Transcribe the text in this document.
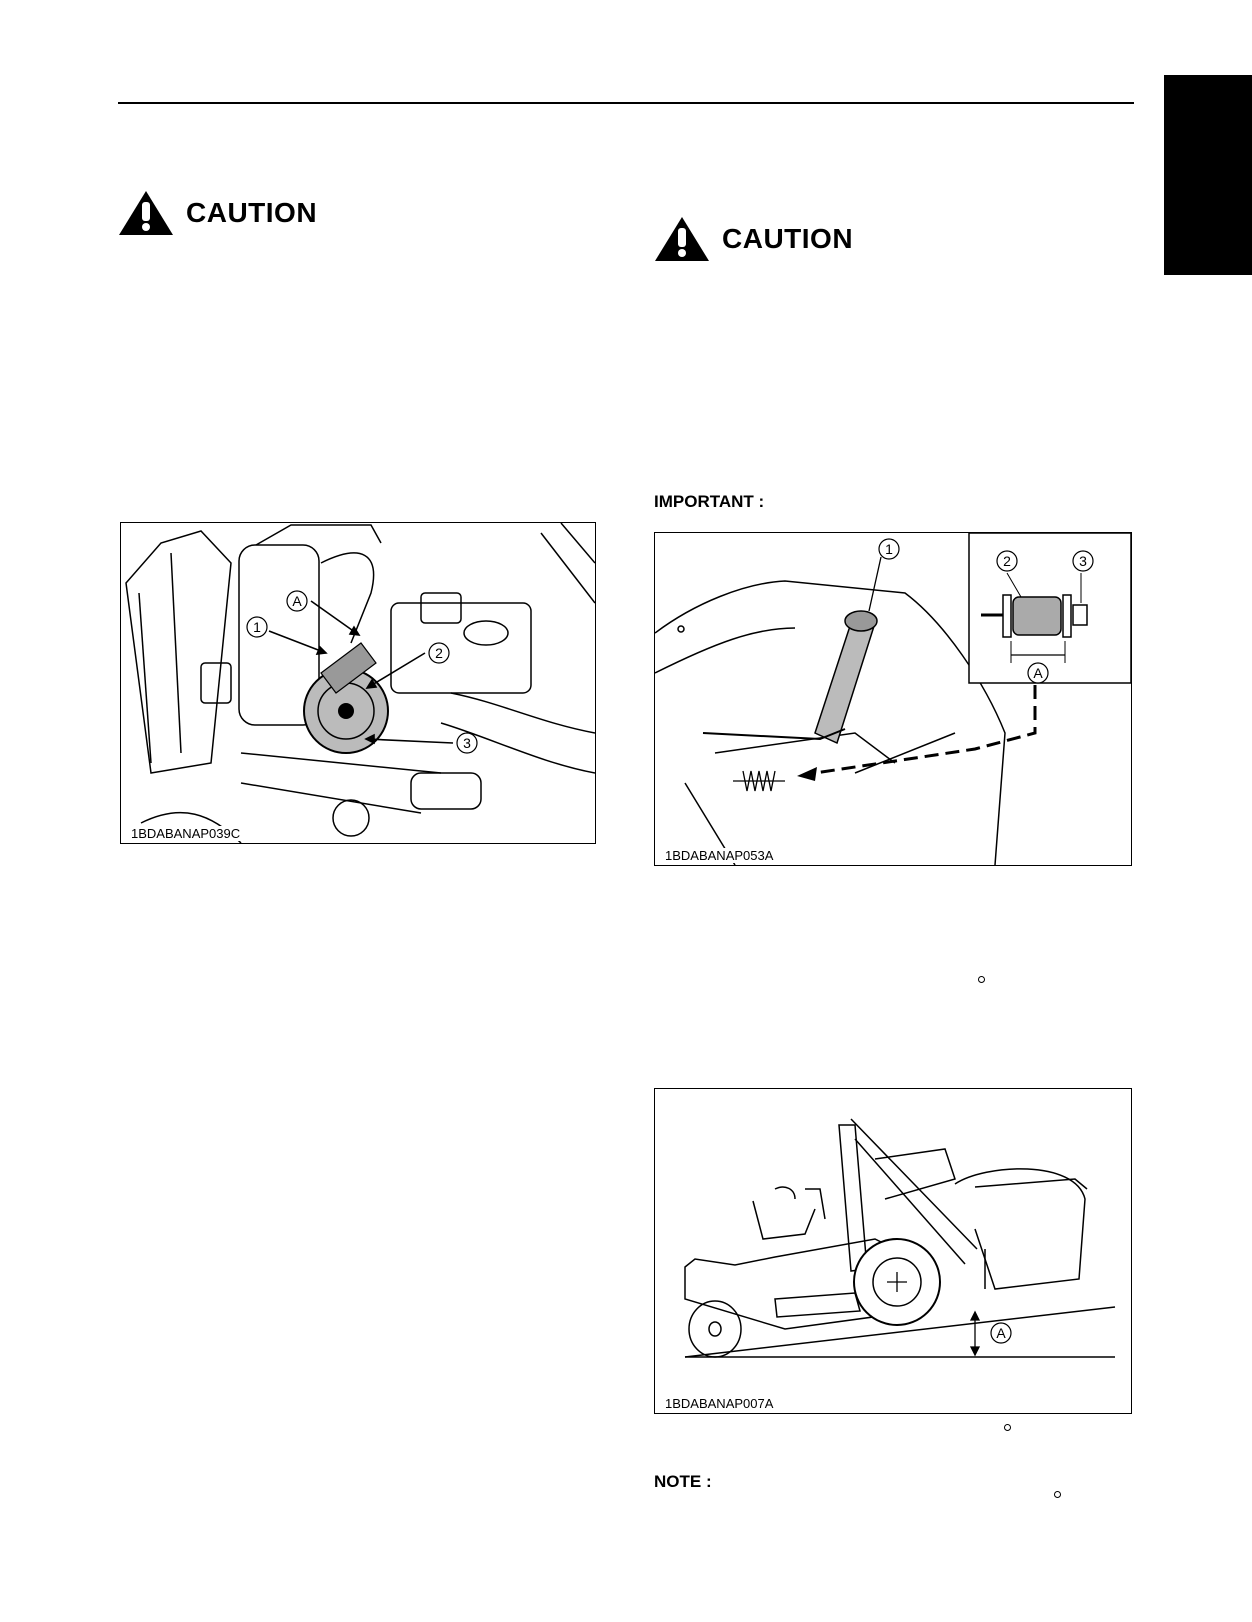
CAUTION
CAUTION
IMPORTANT :
A
1
2
3
1BDABANAP039C
1
2	3
A
1BDABANAP053A
A
1BDABANAP007A
NOTE :
